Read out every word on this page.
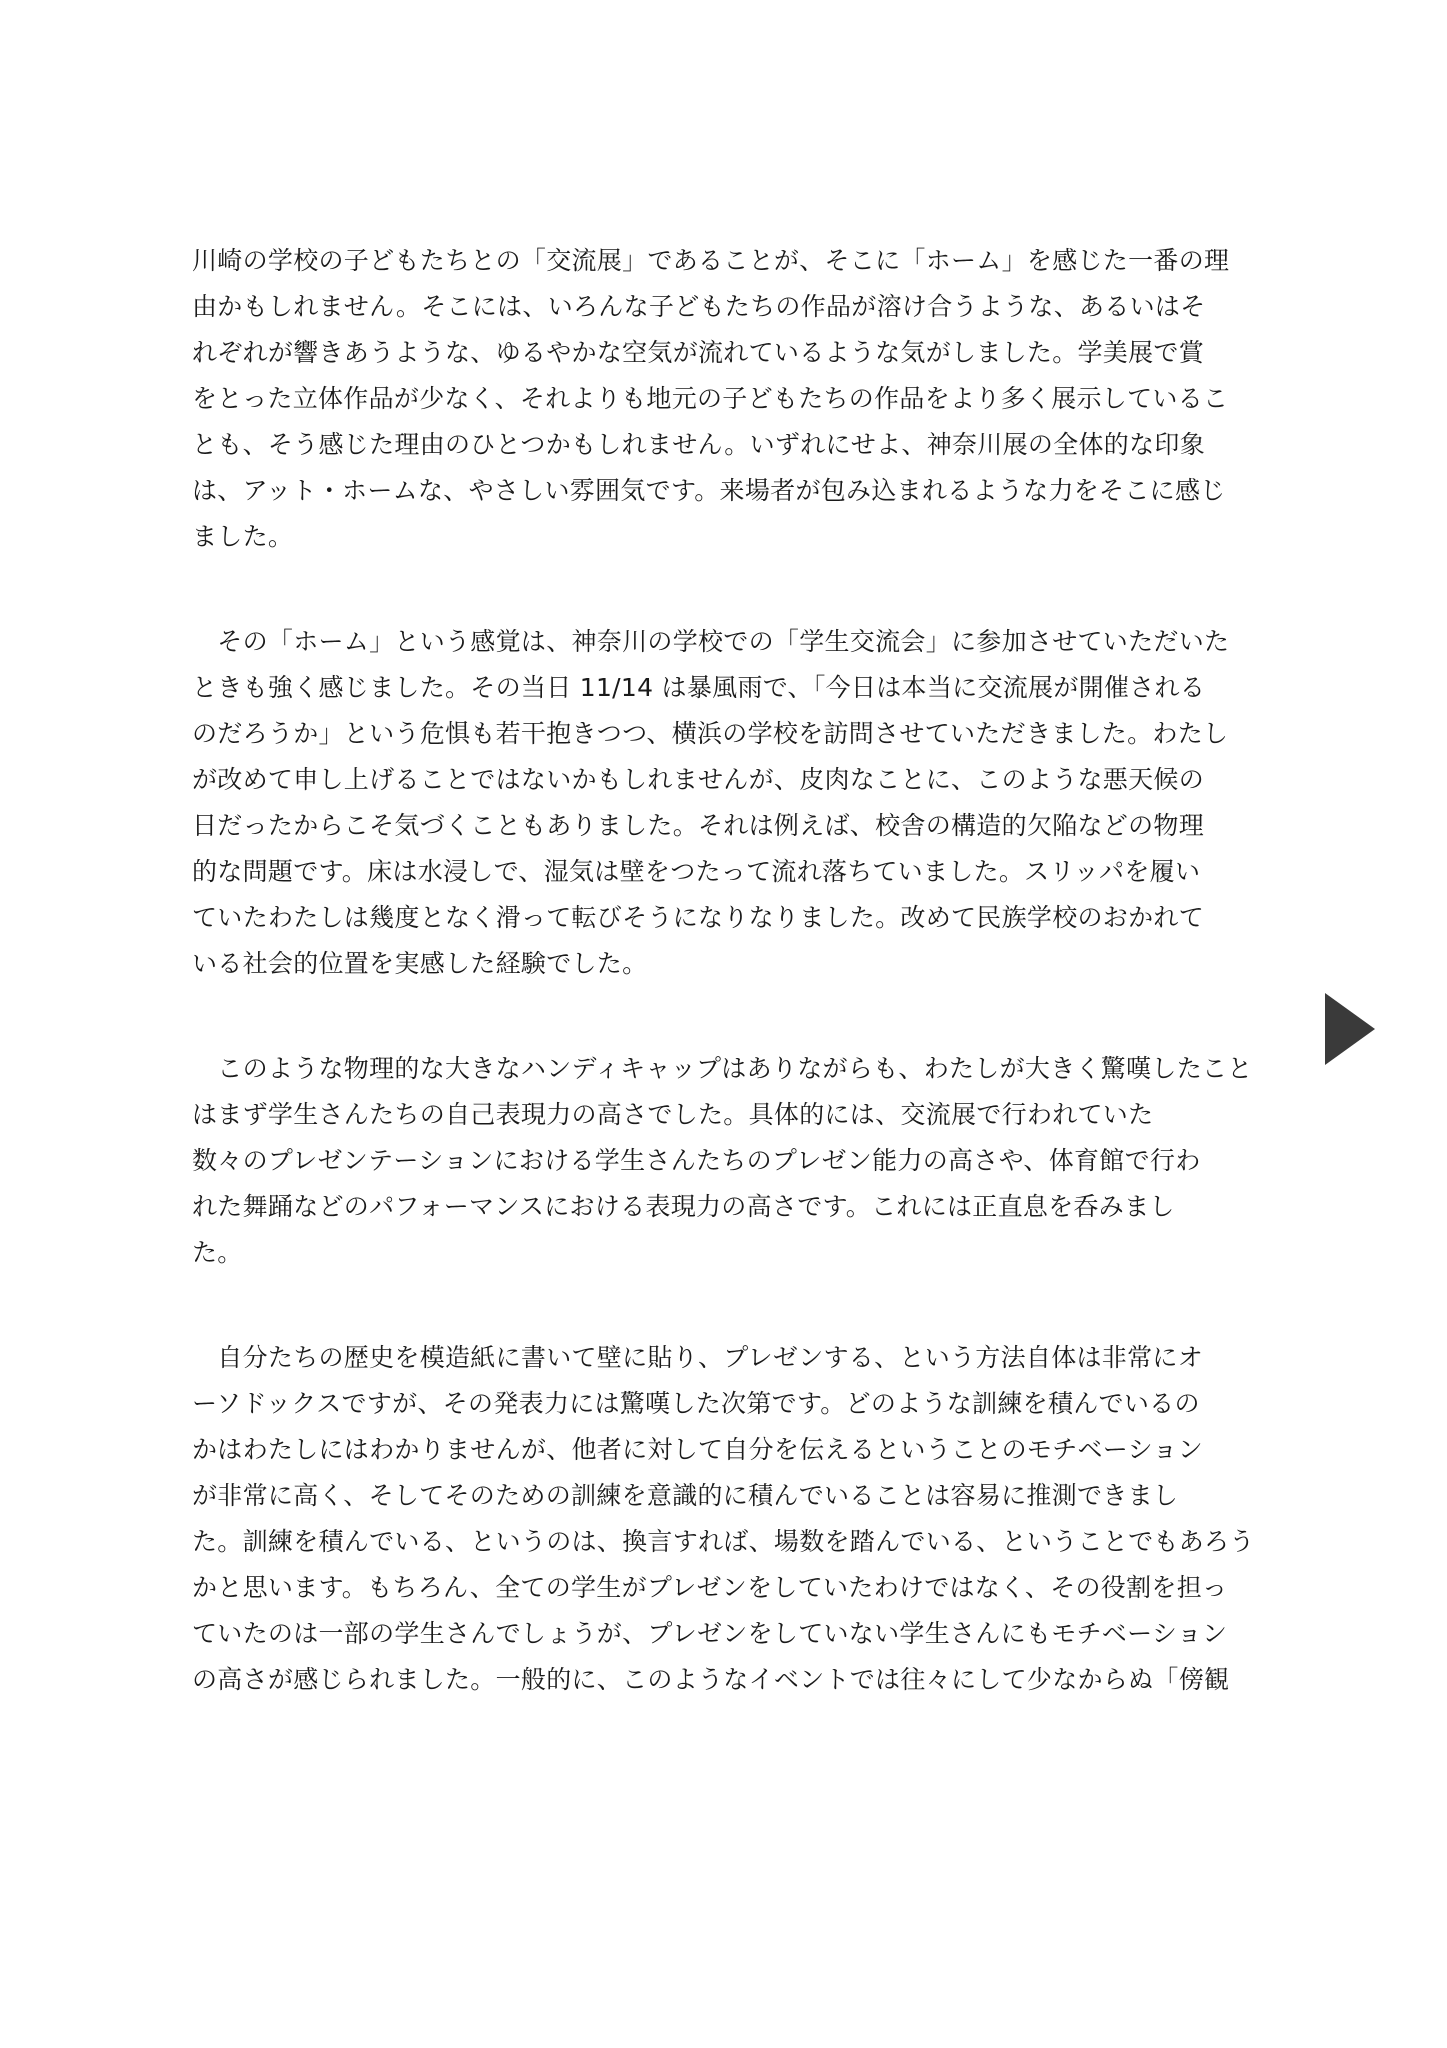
川崎の学校の子どもたちとの「交流展」であることが、そこに「ホーム」を感じた一番の理
由かもしれません。そこには、いろんな子どもたちの作品が溶け合うような、あるいはそ
れぞれが響きあうような、ゆるやかな空気が流れているような気がしました。学美展で賞
をとった立体作品が少なく、それよりも地元の子どもたちの作品をより多く展示しているこ
とも、そう感じた理由のひとつかもしれません。いずれにせよ、神奈川展の全体的な印象
は、アット・ホームな、やさしい雰囲気です。来場者が包み込まれるような力をそこに感じ
ました。

　その「ホーム」という感覚は、神奈川の学校での「学生交流会」に参加させていただいた
ときも強く感じました。その当日 11/14 は暴風雨で、「今日は本当に交流展が開催される
のだろうか」という危惧も若干抱きつつ、横浜の学校を訪問させていただきました。わたし
が改めて申し上げることではないかもしれませんが、皮肉なことに、このような悪天候の
日だったからこそ気づくこともありました。それは例えば、校舎の構造的欠陥などの物理
的な問題です。床は水浸しで、湿気は壁をつたって流れ落ちていました。スリッパを履い
ていたわたしは幾度となく滑って転びそうになりなりました。改めて民族学校のおかれて
いる社会的位置を実感した経験でした。

　このような物理的な大きなハンディキャップはありながらも、わたしが大きく驚嘆したこと
はまず学生さんたちの自己表現力の高さでした。具体的には、交流展で行われていた
数々のプレゼンテーションにおける学生さんたちのプレゼン能力の高さや、体育館で行わ
れた舞踊などのパフォーマンスにおける表現力の高さです。これには正直息を呑みまし
た。

　自分たちの歴史を模造紙に書いて壁に貼り、プレゼンする、という方法自体は非常にオ
ーソドックスですが、その発表力には驚嘆した次第です。どのような訓練を積んでいるの
かはわたしにはわかりませんが、他者に対して自分を伝えるということのモチベーション
が非常に高く、そしてそのための訓練を意識的に積んでいることは容易に推測できまし
た。訓練を積んでいる、というのは、換言すれば、場数を踏んでいる、ということでもあろう
かと思います。もちろん、全ての学生がプレゼンをしていたわけではなく、その役割を担っ
ていたのは一部の学生さんでしょうが、プレゼンをしていない学生さんにもモチベーション
の高さが感じられました。一般的に、このようなイベントでは往々にして少なからぬ「傍観
